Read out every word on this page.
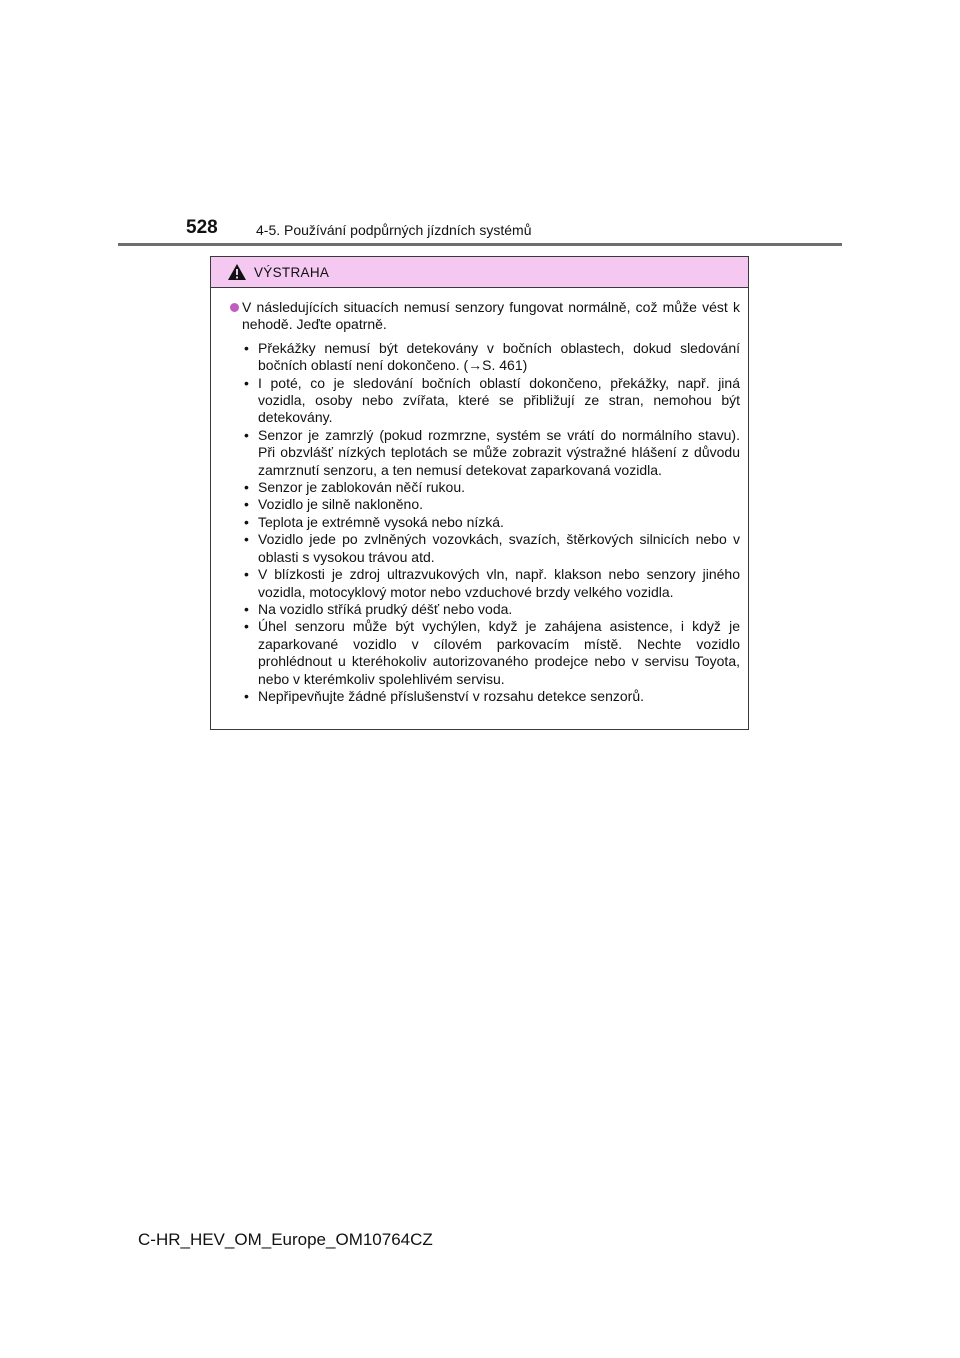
528	4-5. Používání podpůrných jízdních systémů
VÝSTRAHA
V následujících situacích nemusí senzory fungovat normálně, což může vést k nehodě. Jeďte opatrně.
• Překážky nemusí být detekovány v bočních oblastech, dokud sledování bočních oblastí není dokončeno. (→S. 461)
• I poté, co je sledování bočních oblastí dokončeno, překážky, např. jiná vozidla, osoby nebo zvířata, které se přibližují ze stran, nemohou být detekovány.
• Senzor je zamrzlý (pokud rozmrzne, systém se vrátí do normálního stavu). Při obzvlášť nízkých teplotách se může zobrazit výstražné hlášení z důvodu zamrznutí senzoru, a ten nemusí detekovat zaparkovaná vozidla.
• Senzor je zablokován něčí rukou.
• Vozidlo je silně nakloněno.
• Teplota je extrémně vysoká nebo nízká.
• Vozidlo jede po zvlněných vozovkách, svazích, štěrkových silnicích nebo v oblasti s vysokou trávou atd.
• V blízkosti je zdroj ultrazvukových vln, např. klakson nebo senzory jiného vozidla, motocyklový motor nebo vzduchové brzdy velkého vozidla.
• Na vozidlo stříká prudký déšť nebo voda.
• Úhel senzoru může být vychýlen, když je zahájena asistence, i když je zaparkované vozidlo v cílovém parkovacím místě. Nechte vozidlo prohlédnout u kteréhokoliv autorizovaného prodejce nebo v servisu Toyota, nebo v kterémkoliv spolehlivém servisu.
• Nepřipevňujte žádné příslušenství v rozsahu detekce senzorů.
C-HR_HEV_OM_Europe_OM10764CZ
